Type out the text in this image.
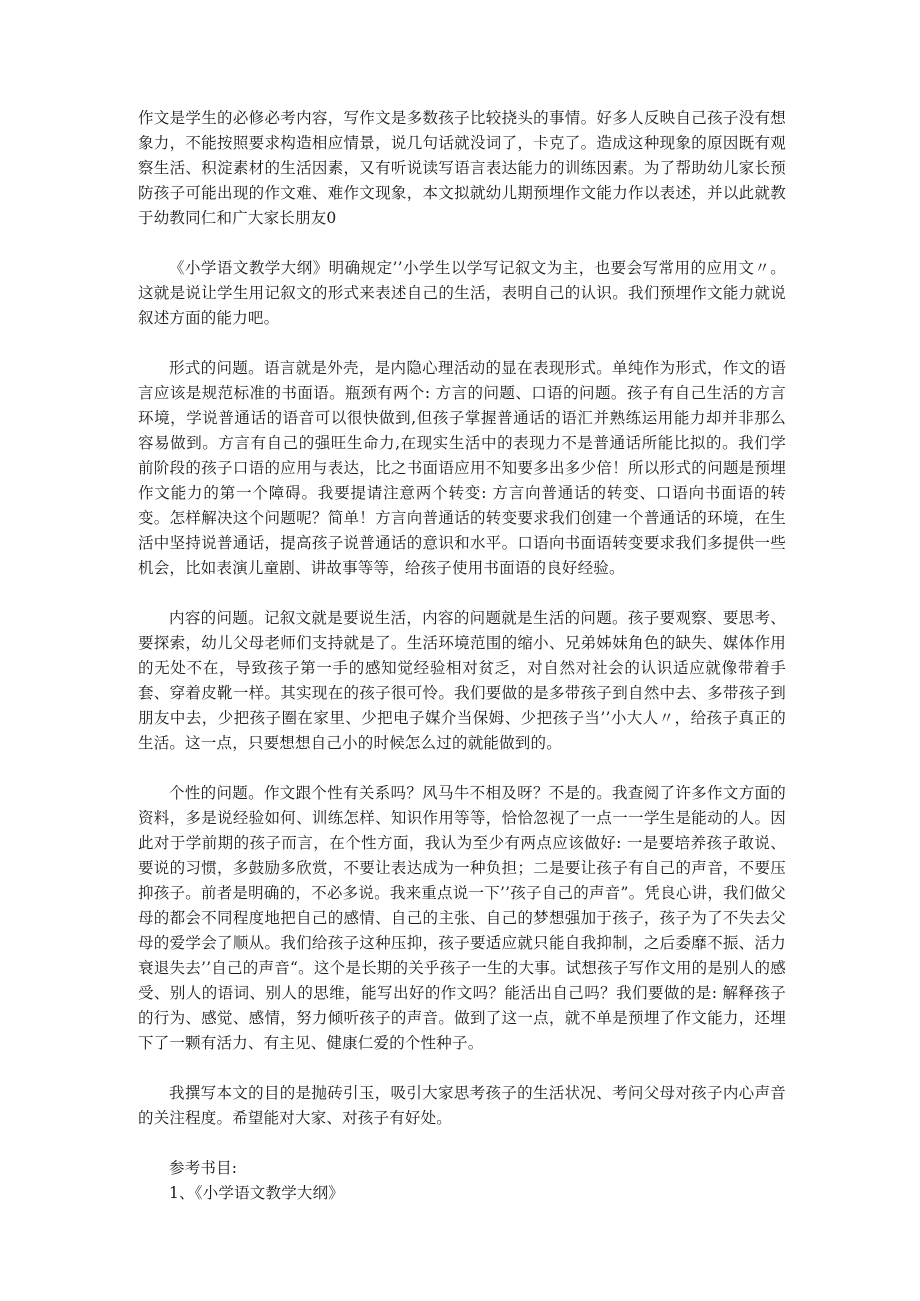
作文是学生的必修必考内容，写作文是多数孩子比较挠头的事情。好多人反映自己孩子没有想象力，不能按照要求构造相应情景，说几句话就没词了，卡克了。造成这种现象的原因既有观察生活、积淀素材的生活因素，又有听说读写语言表达能力的训练因素。为了帮助幼儿家长预防孩子可能出现的作文难、难作文现象，本文拟就幼儿期预埋作文能力作以表述，并以此就教于幼教同仁和广大家长朋友0

《小学语文教学大纲》明确规定’’小学生以学写记叙文为主，也要会写常用的应用文〃。这就是说让学生用记叙文的形式来表述自己的生活，表明自己的认识。我们预埋作文能力就说叙述方面的能力吧。

形式的问题。语言就是外壳，是内隐心理活动的显在表现形式。单纯作为形式，作文的语言应该是规范标准的书面语。瓶颈有两个: 方言的问题、口语的问题。孩子有自己生活的方言环境，学说普通话的语音可以很快做到,但孩子掌握普通话的语汇并熟练运用能力却并非那么容易做到。方言有自己的强旺生命力,在现实生活中的表现力不是普通话所能比拟的。我们学前阶段的孩子口语的应用与表达，比之书面语应用不知要多出多少倍！所以形式的问题是预埋作文能力的第一个障碍。我要提请注意两个转变: 方言向普通话的转变、口语向书面语的转变。怎样解决这个问题呢？简单！方言向普通话的转变要求我们创建一个普通话的环境，在生活中坚持说普通话，提高孩子说普通话的意识和水平。口语向书面语转变要求我们多提供一些机会，比如表演儿童剧、讲故事等等，给孩子使用书面语的良好经验。

内容的问题。记叙文就是要说生活，内容的问题就是生活的问题。孩子要观察、要思考、要探索，幼儿父母老师们支持就是了。生活环境范围的缩小、兄弟姊妹角色的缺失、媒体作用的无处不在，导致孩子第一手的感知觉经验相对贫乏，对自然对社会的认识适应就像带着手套、穿着皮靴一样。其实现在的孩子很可怜。我们要做的是多带孩子到自然中去、多带孩子到朋友中去，少把孩子圈在家里、少把电子媒介当保姆、少把孩子当’’小大人〃，给孩子真正的生活。这一点，只要想想自己小的时候怎么过的就能做到的。

个性的问题。作文跟个性有关系吗？风马牛不相及呀？不是的。我查阅了许多作文方面的资料，多是说经验如何、训练怎样、知识作用等等，恰恰忽视了一点一一学生是能动的人。因此对于学前期的孩子而言，在个性方面，我认为至少有两点应该做好: 一是要培养孩子敢说、要说的习惯，多鼓励多欣赏，不要让表达成为一种负担；二是要让孩子有自己的声音，不要压抑孩子。前者是明确的，不必多说。我来重点说一下’’孩子自己的声音”。凭良心讲，我们做父母的都会不同程度地把自己的感情、自己的主张、自己的梦想强加于孩子，孩子为了不失去父母的爱学会了顺从。我们给孩子这种压抑，孩子要适应就只能自我抑制，之后委靡不振、活力衰退失去’’自己的声音“。这个是长期的关乎孩子一生的大事。试想孩子写作文用的是别人的感受、别人的语词、别人的思维，能写出好的作文吗？能活出自己吗？我们要做的是: 解释孩子的行为、感觉、感情，努力倾听孩子的声音。做到了这一点，就不单是预埋了作文能力，还埋下了一颗有活力、有主见、健康仁爱的个性种子。

我撰写本文的目的是抛砖引玉，吸引大家思考孩子的生活状况、考问父母对孩子内心声音的关注程度。希望能对大家、对孩子有好处。

参考书目:

1、《小学语文教学大纲》
